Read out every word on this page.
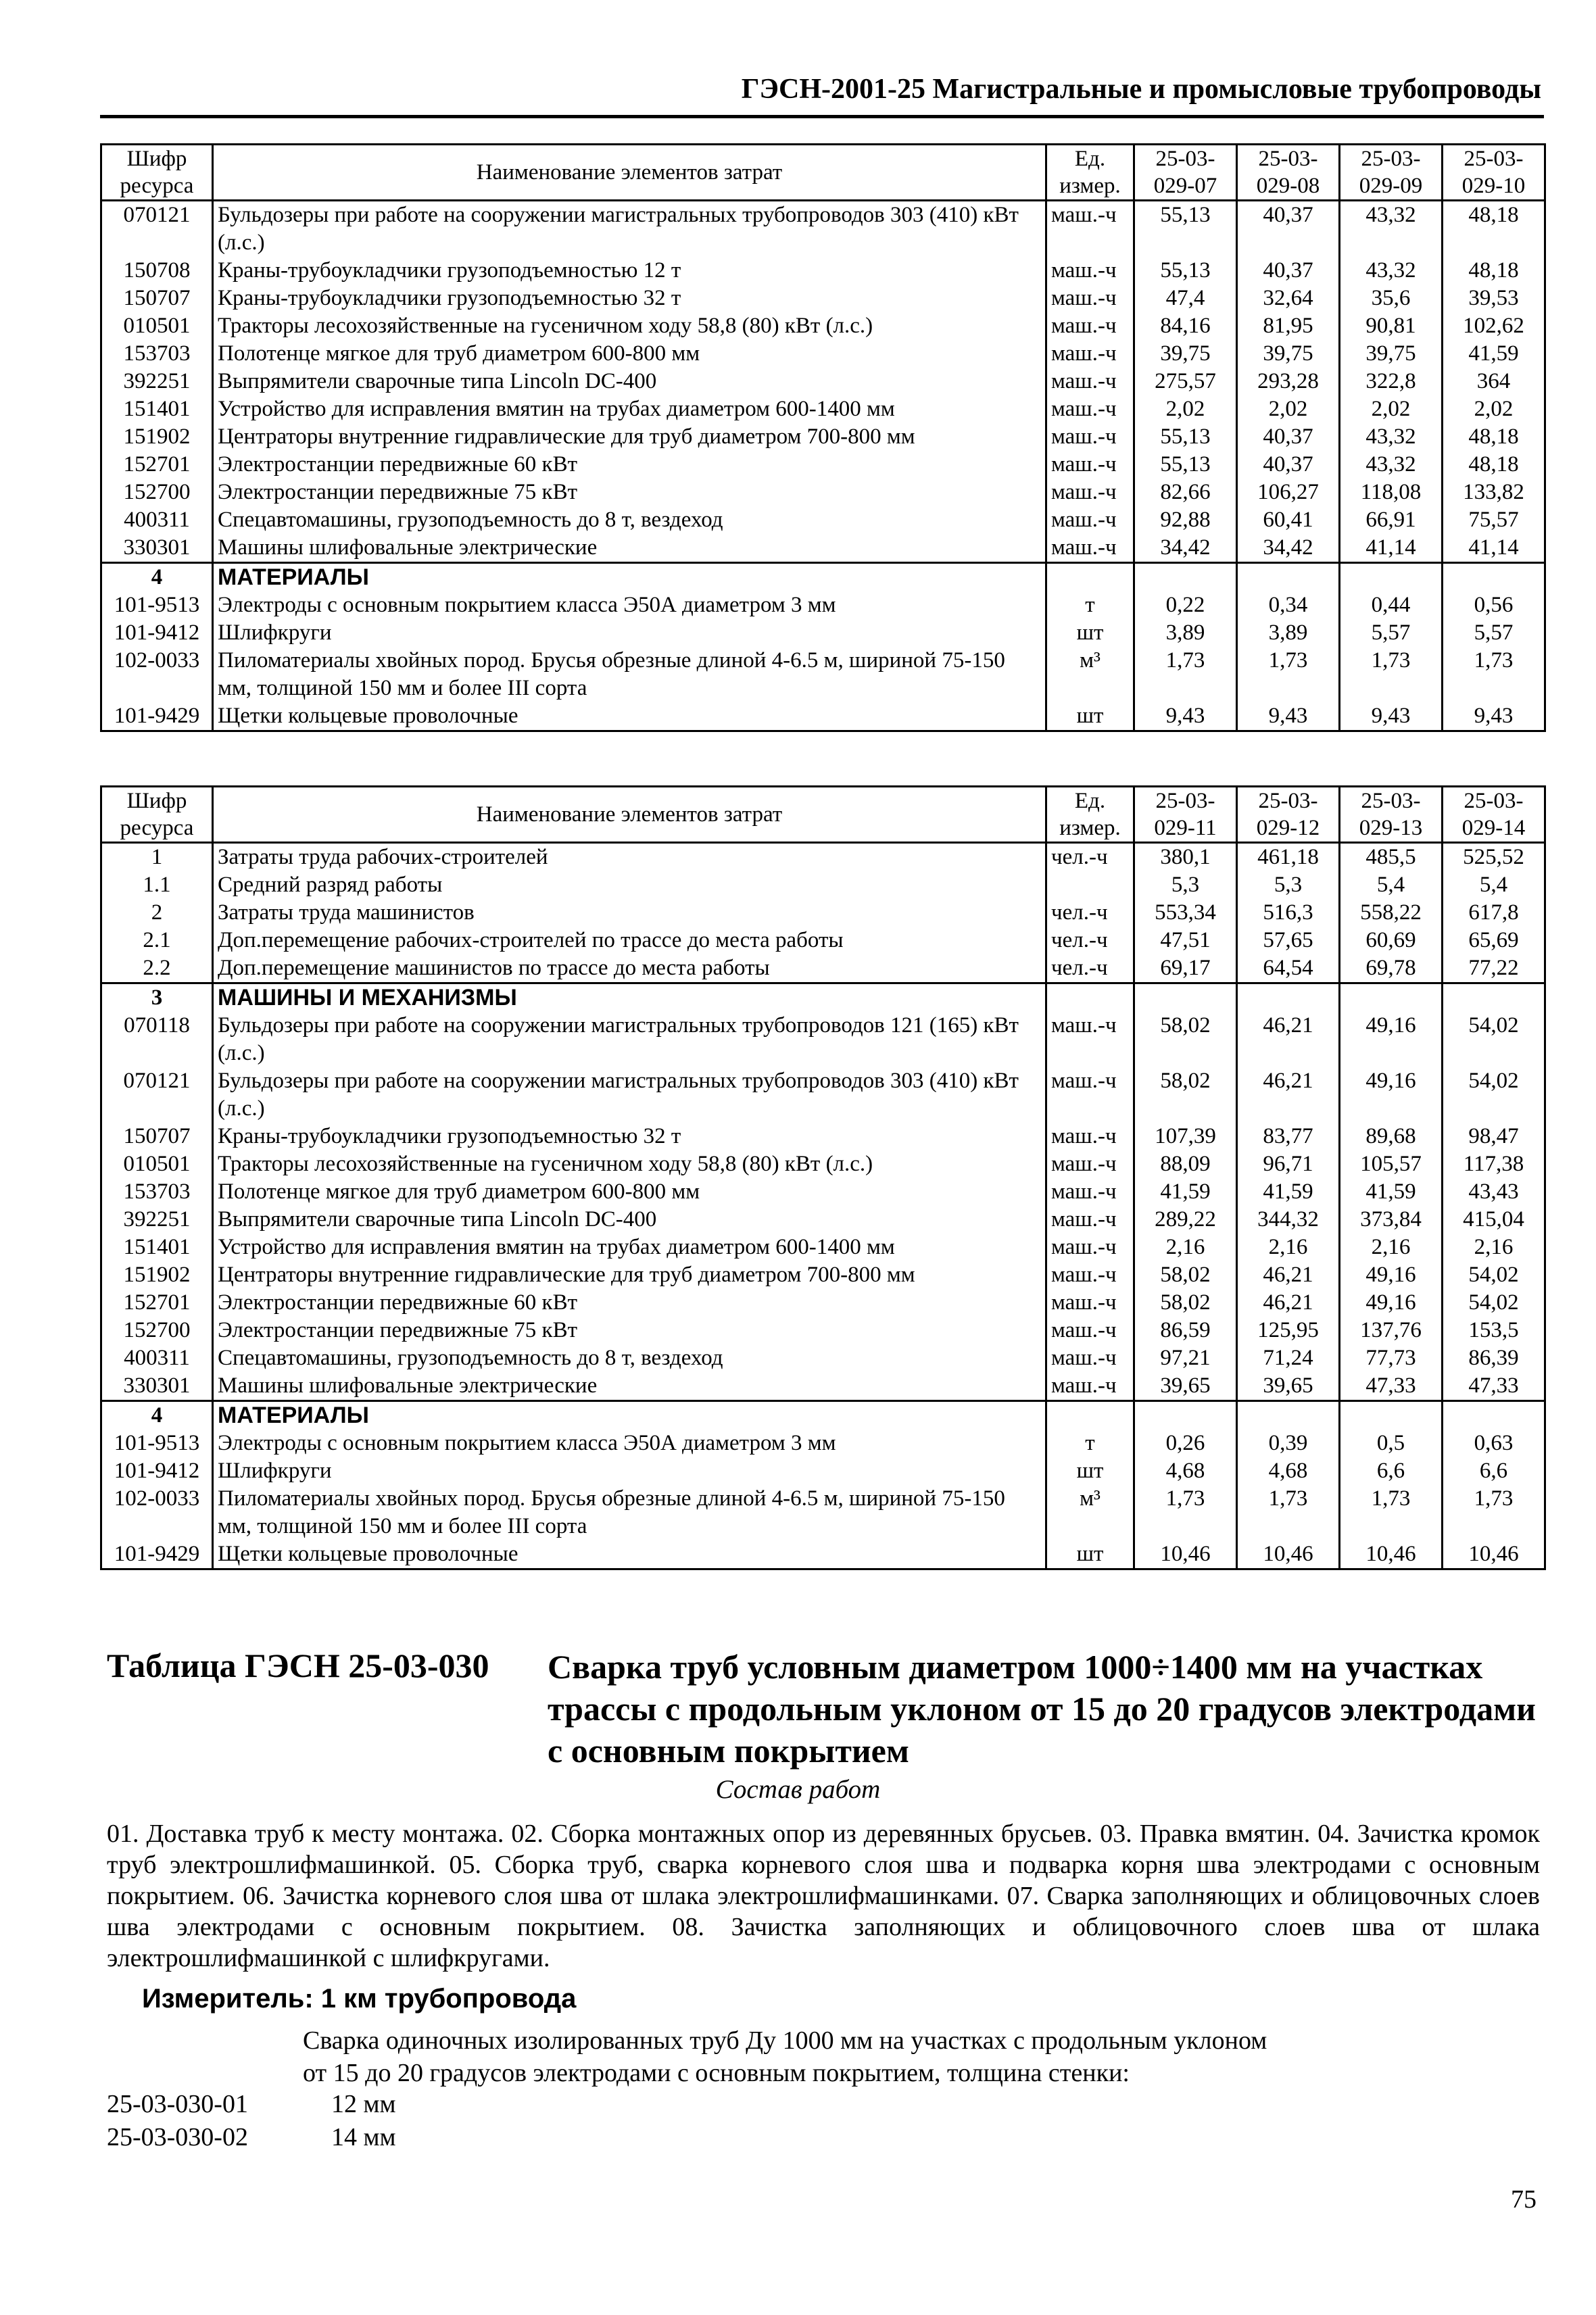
ГЭСН-2001-25 Магистральные и промысловые трубопроводы
Шифр ресурса	Наименование элементов затрат	Ед. измер.	25-03-029-07	25-03-029-08	25-03-029-09	25-03-029-10
070121	Бульдозеры при работе на сооружении магистральных трубопроводов 303 (410) кВт (л.с.)	маш.-ч	55,13	40,37	43,32	48,18
150708	Краны-трубоукладчики грузоподъемностью 12 т	маш.-ч	55,13	40,37	43,32	48,18
150707	Краны-трубоукладчики грузоподъемностью 32 т	маш.-ч	47,4	32,64	35,6	39,53
010501	Тракторы лесохозяйственные на гусеничном ходу 58,8 (80) кВт (л.с.)	маш.-ч	84,16	81,95	90,81	102,62
153703	Полотенце мягкое для труб диаметром 600-800 мм	маш.-ч	39,75	39,75	39,75	41,59
392251	Выпрямители сварочные типа Lincoln DC-400	маш.-ч	275,57	293,28	322,8	364
151401	Устройство для исправления вмятин на трубах диаметром 600-1400 мм	маш.-ч	2,02	2,02	2,02	2,02
151902	Центраторы внутренние гидравлические для труб диаметром 700-800 мм	маш.-ч	55,13	40,37	43,32	48,18
152701	Электростанции передвижные 60 кВт	маш.-ч	55,13	40,37	43,32	48,18
152700	Электростанции передвижные 75 кВт	маш.-ч	82,66	106,27	118,08	133,82
400311	Спецавтомашины, грузоподъемность до 8 т, вездеход	маш.-ч	92,88	60,41	66,91	75,57
330301	Машины шлифовальные электрические	маш.-ч	34,42	34,42	41,14	41,14
4	МАТЕРИАЛЫ					
101-9513	Электроды с основным покрытием класса Э50А диаметром 3 мм	т	0,22	0,34	0,44	0,56
101-9412	Шлифкруги	шт	3,89	3,89	5,57	5,57
102-0033	Пиломатериалы хвойных пород. Брусья обрезные длиной 4-6.5 м, шириной 75-150 мм, толщиной 150 мм и более III сорта	м³	1,73	1,73	1,73	1,73
101-9429	Щетки кольцевые проволочные	шт	9,43	9,43	9,43	9,43
Шифр ресурса	Наименование элементов затрат	Ед. измер.	25-03-029-11	25-03-029-12	25-03-029-13	25-03-029-14
1	Затраты труда рабочих-строителей	чел.-ч	380,1	461,18	485,5	525,52
1.1	Средний разряд работы		5,3	5,3	5,4	5,4
2	Затраты труда машинистов	чел.-ч	553,34	516,3	558,22	617,8
2.1	Доп.перемещение рабочих-строителей по трассе до места работы	чел.-ч	47,51	57,65	60,69	65,69
2.2	Доп.перемещение машинистов по трассе до места работы	чел.-ч	69,17	64,54	69,78	77,22
3	МАШИНЫ И МЕХАНИЗМЫ					
070118	Бульдозеры при работе на сооружении магистральных трубопроводов 121 (165) кВт (л.с.)	маш.-ч	58,02	46,21	49,16	54,02
070121	Бульдозеры при работе на сооружении магистральных трубопроводов 303 (410) кВт (л.с.)	маш.-ч	58,02	46,21	49,16	54,02
150707	Краны-трубоукладчики грузоподъемностью 32 т	маш.-ч	107,39	83,77	89,68	98,47
010501	Тракторы лесохозяйственные на гусеничном ходу 58,8 (80) кВт (л.с.)	маш.-ч	88,09	96,71	105,57	117,38
153703	Полотенце мягкое для труб диаметром 600-800 мм	маш.-ч	41,59	41,59	41,59	43,43
392251	Выпрямители сварочные типа Lincoln DC-400	маш.-ч	289,22	344,32	373,84	415,04
151401	Устройство для исправления вмятин на трубах диаметром 600-1400 мм	маш.-ч	2,16	2,16	2,16	2,16
151902	Центраторы внутренние гидравлические для труб диаметром 700-800 мм	маш.-ч	58,02	46,21	49,16	54,02
152701	Электростанции передвижные 60 кВт	маш.-ч	58,02	46,21	49,16	54,02
152700	Электростанции передвижные 75 кВт	маш.-ч	86,59	125,95	137,76	153,5
400311	Спецавтомашины, грузоподъемность до 8 т, вездеход	маш.-ч	97,21	71,24	77,73	86,39
330301	Машины шлифовальные электрические	маш.-ч	39,65	39,65	47,33	47,33
4	МАТЕРИАЛЫ					
101-9513	Электроды с основным покрытием класса Э50А диаметром 3 мм	т	0,26	0,39	0,5	0,63
101-9412	Шлифкруги	шт	4,68	4,68	6,6	6,6
102-0033	Пиломатериалы хвойных пород. Брусья обрезные длиной 4-6.5 м, шириной 75-150 мм, толщиной 150 мм и более III сорта	м³	1,73	1,73	1,73	1,73
101-9429	Щетки кольцевые проволочные	шт	10,46	10,46	10,46	10,46
Таблица ГЭСН 25-03-030 Сварка труб условным диаметром 1000÷1400 мм на участках трассы с продольным уклоном от 15 до 20 градусов электродами с основным покрытием
Состав работ
01. Доставка труб к месту монтажа. 02. Сборка монтажных опор из деревянных брусьев. 03. Правка вмятин. 04. Зачистка кромок труб электрошлифмашинкой. 05. Сборка труб, сварка корневого слоя шва и подварка корня шва электродами с основным покрытием. 06. Зачистка корневого слоя шва от шлака электрошлифмашинками. 07. Сварка заполняющих и облицовочных слоев шва электродами с основным покрытием. 08. Зачистка заполняющих и облицовочного слоев шва от шлака электрошлифмашинкой с шлифкругами.
Измеритель: 1 км трубопровода
Сварка одиночных изолированных труб Ду 1000 мм на участках с продольным уклоном
от 15 до 20 градусов электродами с основным покрытием, толщина стенки:
25-03-030-01	12 мм
25-03-030-02	14 мм
75
